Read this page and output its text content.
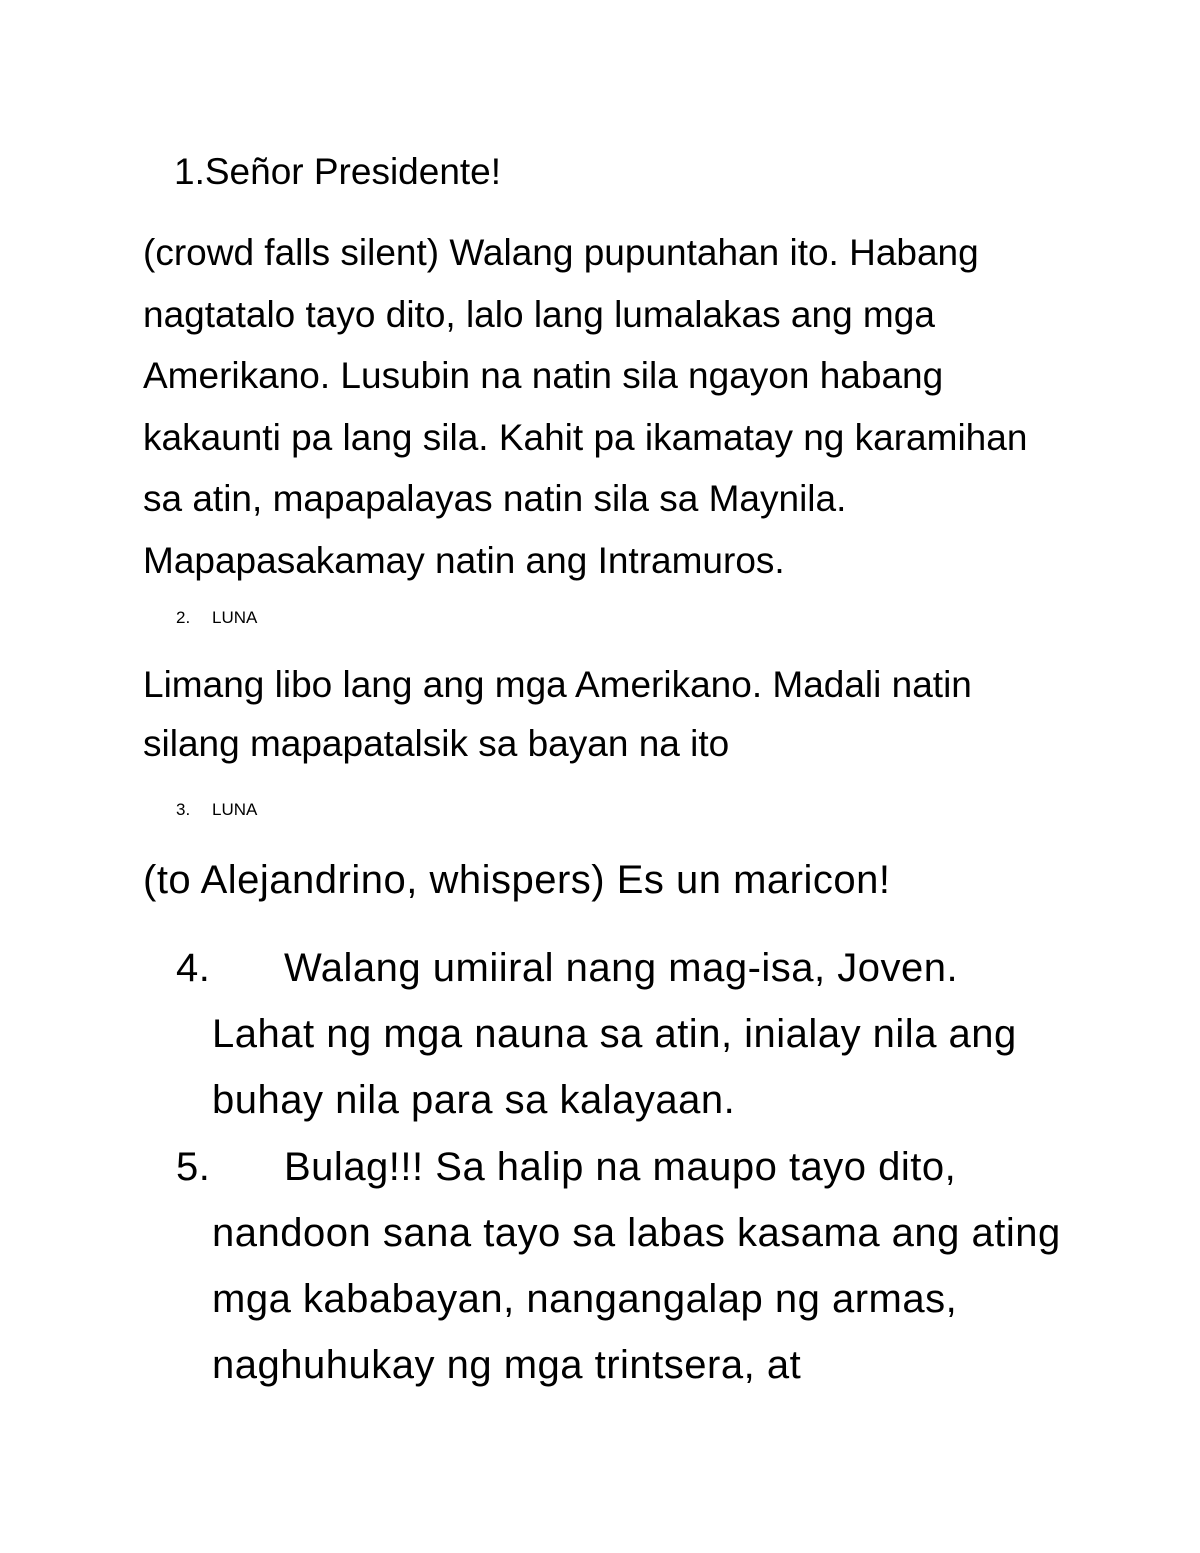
1.Señor Presidente!

(crowd falls silent) Walang pupuntahan ito. Habang nagtatalo tayo dito, lalo lang lumalakas ang mga Amerikano. Lusubin na natin sila ngayon habang kakaunti pa lang sila. Kahit pa ikamatay ng karamihan sa atin, mapapalayas natin sila sa Maynila. Mapapasakamay natin ang Intramuros.

2. LUNA

Limang libo lang ang mga Amerikano. Madali natin silang mapapatalsik sa bayan na ito

3. LUNA

(to Alejandrino, whispers) Es un maricon!

4. Walang umiiral nang mag-isa, Joven.
Lahat ng mga nauna sa atin, inialay nila ang buhay nila para sa kalayaan.
5. Bulag!!! Sa halip na maupo tayo dito,
nandoon sana tayo sa labas kasama ang ating mga kababayan, nangangalap ng armas, naghuhukay ng mga trintsera, at
